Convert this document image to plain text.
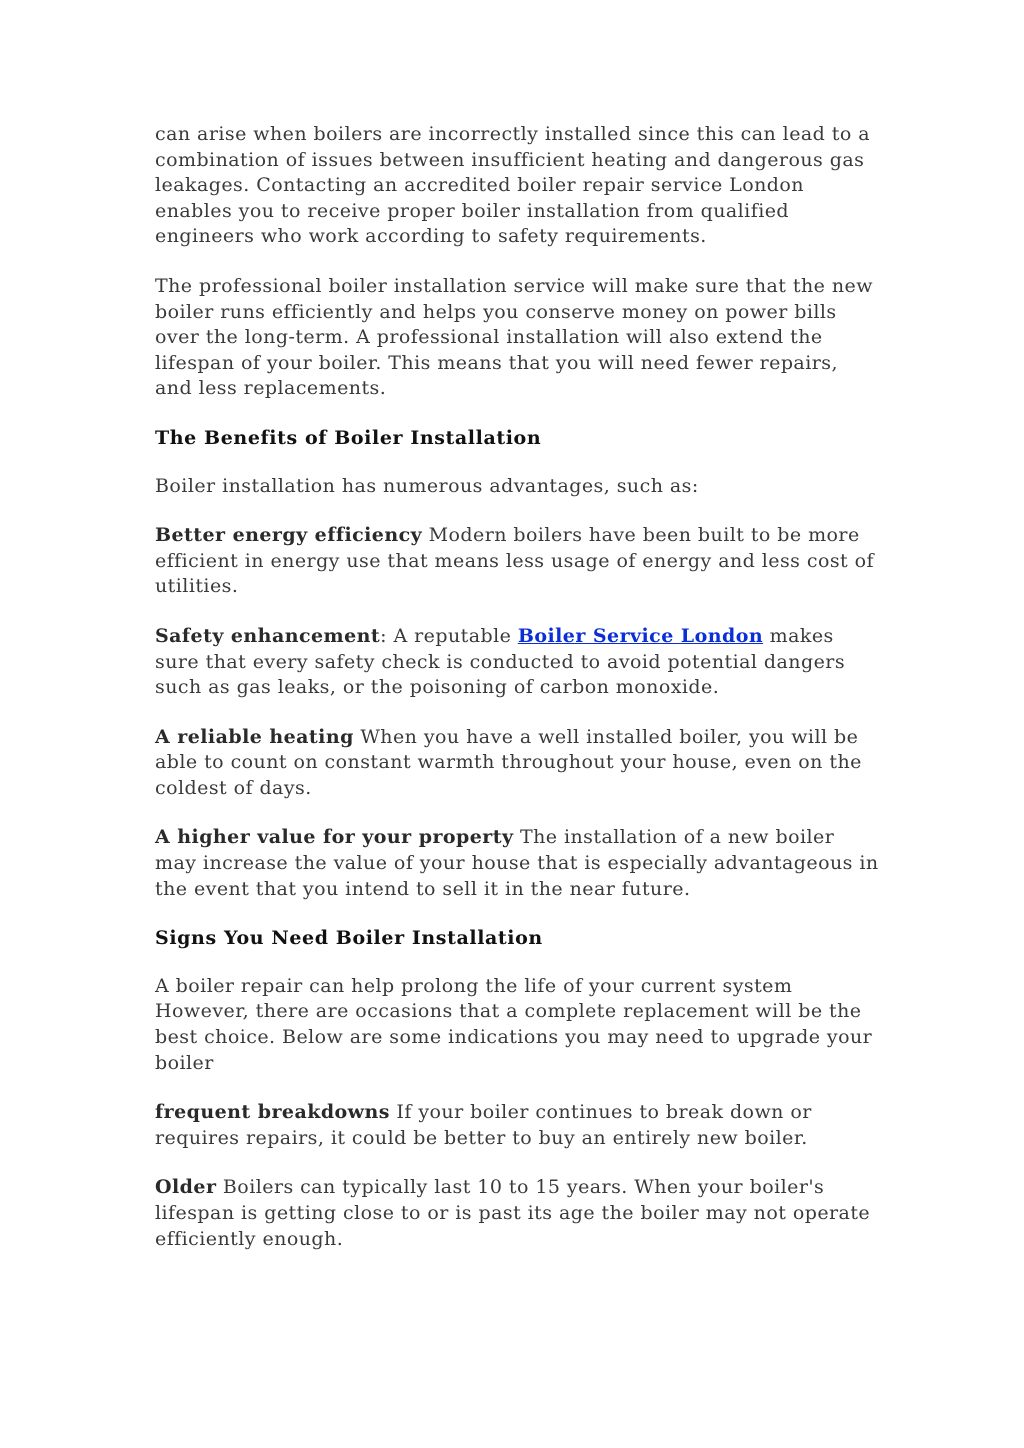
can arise when boilers are incorrectly installed since this can lead to a combination of issues between insufficient heating and dangerous gas leakages. Contacting an accredited boiler repair service London enables you to receive proper boiler installation from qualified engineers who work according to safety requirements.

The professional boiler installation service will make sure that the new boiler runs efficiently and helps you conserve money on power bills over the long-term. A professional installation will also extend the lifespan of your boiler. This means that you will need fewer repairs, and less replacements.

The Benefits of Boiler Installation

Boiler installation has numerous advantages, such as:

Better energy efficiency Modern boilers have been built to be more efficient in energy use that means less usage of energy and less cost of utilities.

Safety enhancement: A reputable Boiler Service London makes sure that every safety check is conducted to avoid potential dangers such as gas leaks, or the poisoning of carbon monoxide.

A reliable heating When you have a well installed boiler, you will be able to count on constant warmth throughout your house, even on the coldest of days.

A higher value for your property The installation of a new boiler may increase the value of your house that is especially advantageous in the event that you intend to sell it in the near future.

Signs You Need Boiler Installation

A boiler repair can help prolong the life of your current system However, there are occasions that a complete replacement will be the best choice. Below are some indications you may need to upgrade your boiler

frequent breakdowns If your boiler continues to break down or requires repairs, it could be better to buy an entirely new boiler.

Older Boilers can typically last 10 to 15 years. When your boiler's lifespan is getting close to or is past its age the boiler may not operate efficiently enough.
